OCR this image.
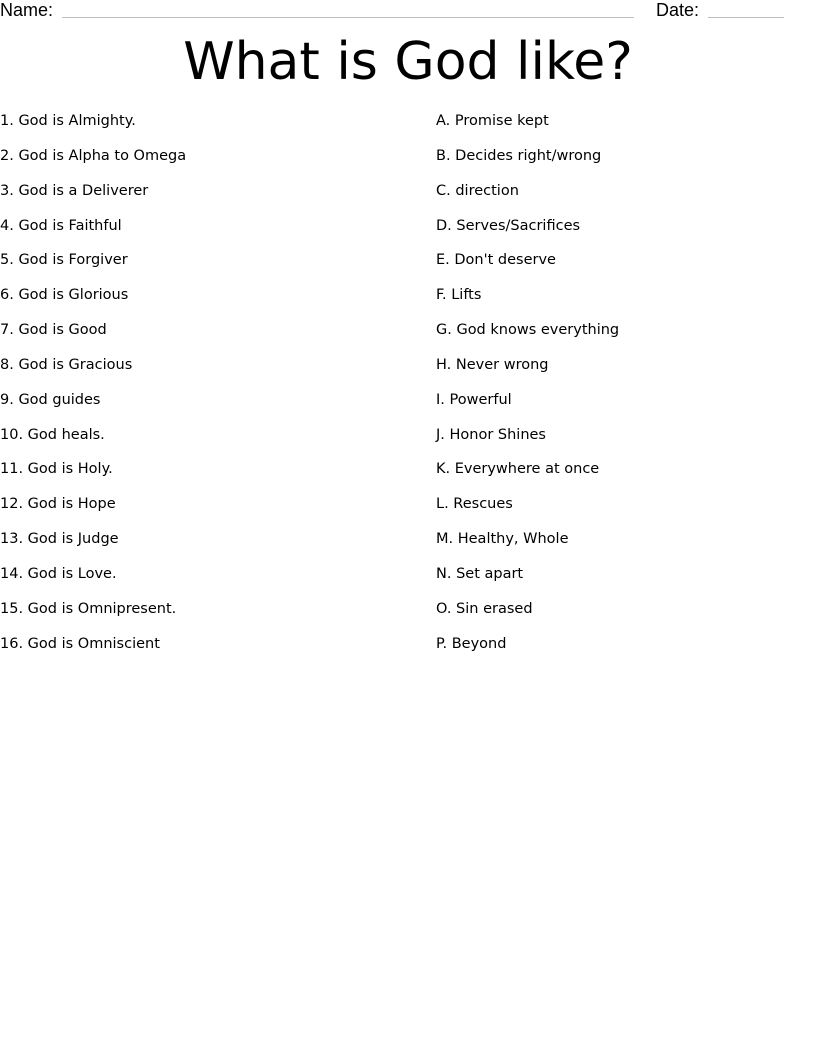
Name:	Date:
What is God like?
1. God is Almighty.
2. God is Alpha to Omega
3. God is a Deliverer
4. God is Faithful
5. God is Forgiver
6. God is Glorious
7. God is Good
8. God is Gracious
9. God guides
10. God heals.
11. God is Holy.
12. God is Hope
13. God is Judge
14. God is Love.
15. God is Omnipresent.
16. God is Omniscient
A. Promise kept
B. Decides right/wrong
C. direction
D. Serves/Sacrifices
E. Don't deserve
F. Lifts
G. God knows everything
H. Never wrong
I. Powerful
J. Honor Shines
K. Everywhere at once
L. Rescues
M. Healthy, Whole
N. Set apart
O. Sin erased
P. Beyond
